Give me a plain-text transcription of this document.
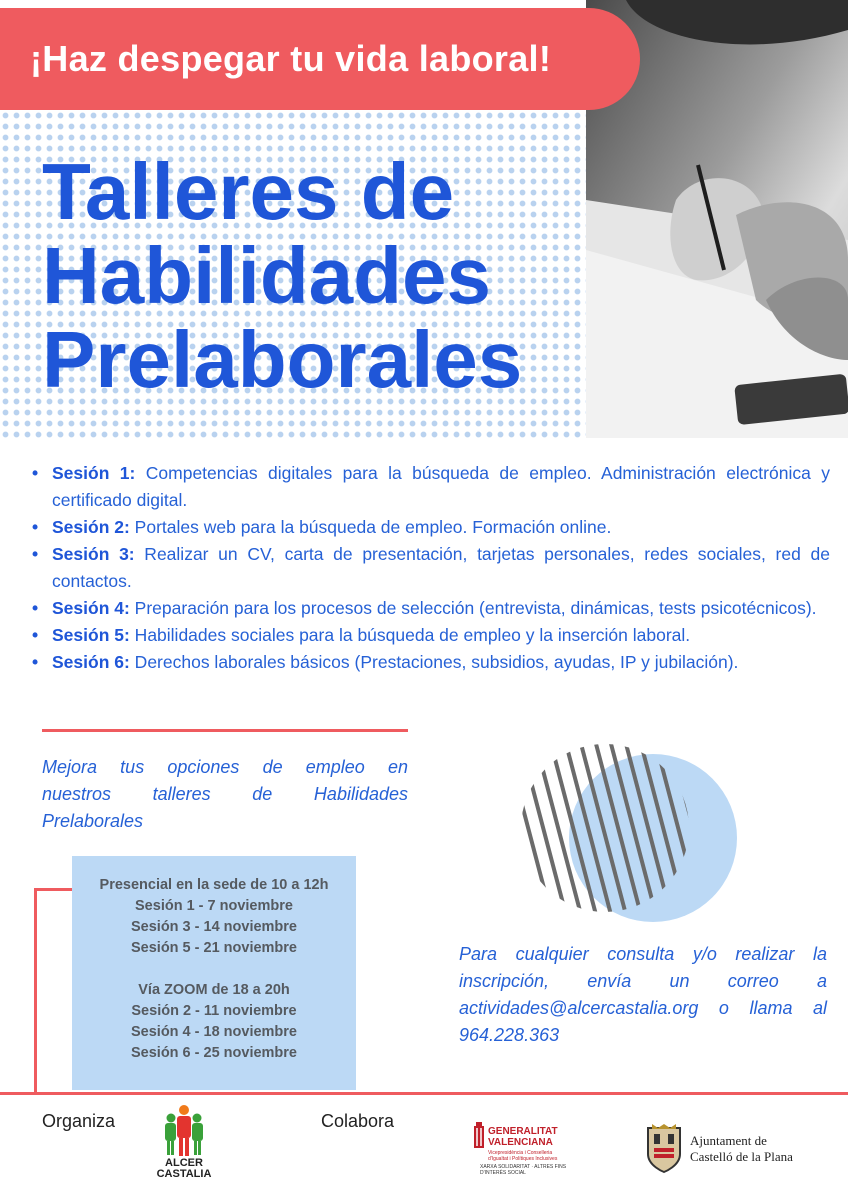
¡Haz despegar tu vida laboral!
Talleres de
Habilidades
Prelaborales
• Sesión 1: Competencias digitales para la búsqueda de empleo. Administración electrónica y certificado digital.
• Sesión 2: Portales web para la búsqueda de empleo. Formación online.
• Sesión 3: Realizar un CV, carta de presentación, tarjetas personales, redes sociales, red de contactos.
• Sesión 4: Preparación para los procesos de selección (entrevista, dinámicas, tests psicotécnicos).
• Sesión 5: Habilidades sociales para la búsqueda de empleo y la inserción laboral.
• Sesión 6: Derechos laborales básicos (Prestaciones, subsidios, ayudas, IP y jubilación).
Mejora tus opciones de empleo en
nuestros talleres de Habilidades
Prelaborales
Presencial en la sede de 10 a 12h
Sesión 1 - 7 noviembre
Sesión 3 - 14 noviembre
Sesión 5 - 21 noviembre
Vía ZOOM de 18 a 20h
Sesión 2 - 11 noviembre
Sesión 4 - 18 noviembre
Sesión 6 - 25 noviembre
Para cualquier consulta y/o realizar la inscripción, envía un correo a actividades@alcercastalia.org o llama al 964.228.363
Organiza	Colabora
ALCER CASTALIA
GENERALITAT VALENCIANA
Vicepresidència i Conselleria d'Igualtat i Polítiques Inclusives
XARXA SOLIDARITAT · ALTRES FINS D'INTERÈS SOCIAL
Ajuntament de
Castelló de la Plana
